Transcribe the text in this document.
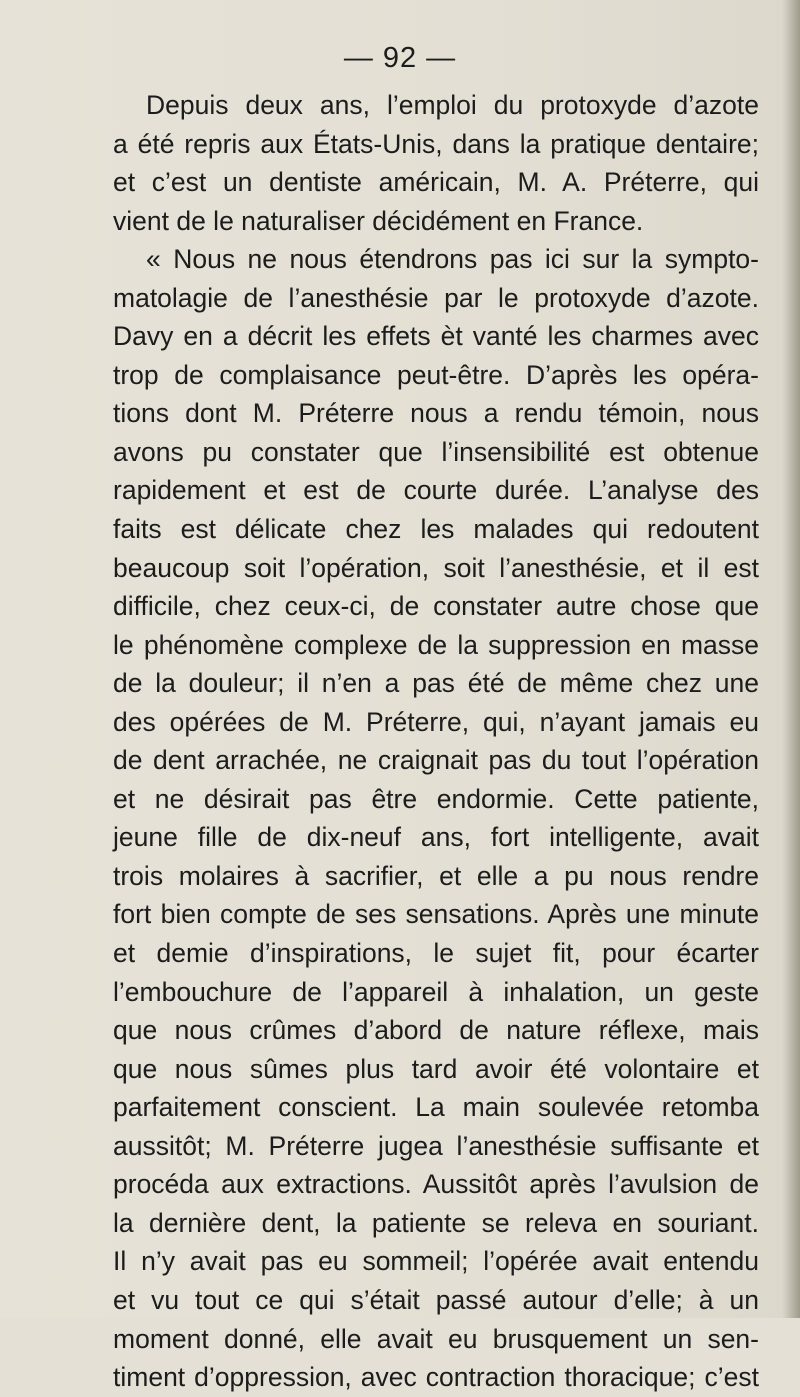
— 92 —
Depuis deux ans, l’emploi du protoxyde d’azote
a été repris aux États-Unis, dans la pratique dentaire;
et c’est un dentiste américain, M. A. Préterre, qui
vient de le naturaliser décidément en France.
« Nous ne nous étendrons pas ici sur la sympto-
matolagie de l’anesthésie par le protoxyde d’azote.
Davy en a décrit les effets èt vanté les charmes avec
trop de complaisance peut-être. D’après les opéra-
tions dont M. Préterre nous a rendu témoin, nous
avons pu constater que l’insensibilité est obtenue
rapidement et est de courte durée. L’analyse des
faits est délicate chez les malades qui redoutent
beaucoup soit l’opération, soit l’anesthésie, et il est
difficile, chez ceux-ci, de constater autre chose que
le phénomène complexe de la suppression en masse
de la douleur; il n’en a pas été de même chez une
des opérées de M. Préterre, qui, n’ayant jamais eu
de dent arrachée, ne craignait pas du tout l’opération
et ne désirait pas être endormie. Cette patiente,
jeune fille de dix-neuf ans, fort intelligente, avait
trois molaires à sacrifier, et elle a pu nous rendre
fort bien compte de ses sensations. Après une minute
et demie d’inspirations, le sujet fit, pour écarter
l’embouchure de l’appareil à inhalation, un geste
que nous crûmes d’abord de nature réflexe, mais
que nous sûmes plus tard avoir été volontaire et
parfaitement conscient. La main soulevée retomba
aussitôt; M. Préterre jugea l’anesthésie suffisante et
procéda aux extractions. Aussitôt après l’avulsion de
la dernière dent, la patiente se releva en souriant.
Il n’y avait pas eu sommeil; l’opérée avait entendu
et vu tout ce qui s’était passé autour d’elle; à un
moment donné, elle avait eu brusquement un sen-
timent d’oppression, avec contraction thoracique; c’est
